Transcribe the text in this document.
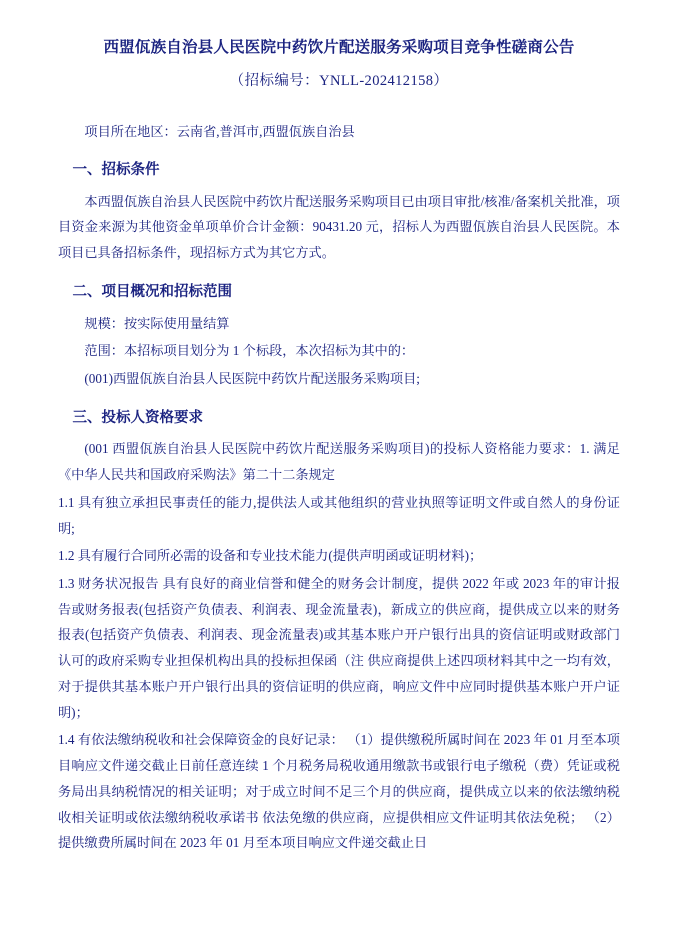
西盟佤族自治县人民医院中药饮片配送服务采购项目竞争性磋商公告
（招标编号：YNLL-202412158）
项目所在地区：云南省,普洱市,西盟佤族自治县
一、招标条件

本西盟佤族自治县人民医院中药饮片配送服务采购项目已由项目审批/核准/备案机关批准，项目资金来源为其他资金单项单价合计金额：90431.20 元，招标人为西盟佤族自治县人民医院。本项目已具备招标条件，现招标方式为其它方式。

二、项目概况和招标范围

规模：按实际使用量结算

范围：本招标项目划分为 1 个标段，本次招标为其中的：

(001)西盟佤族自治县人民医院中药饮片配送服务采购项目;

三、投标人资格要求

(001 西盟佤族自治县人民医院中药饮片配送服务采购项目)的投标人资格能力要求：1. 满足《中华人民共和国政府采购法》第二十二条规定

1.1 具有独立承担民事责任的能力,提供法人或其他组织的营业执照等证明文件或自然人的身份证明;

1.2 具有履行合同所必需的设备和专业技术能力(提供声明函或证明材料)；

1.3 财务状况报告 具有良好的商业信誉和健全的财务会计制度，提供 2022 年或 2023 年的审计报告或财务报表(包括资产负债表、利润表、现金流量表)，新成立的供应商，提供成立以来的财务报表(包括资产负债表、利润表、现金流量表)或其基本账户开户银行出具的资信证明或财政部门认可的政府采购专业担保机构出具的投标担保函（注 供应商提供上述四项材料其中之一均有效，对于提供其基本账户开户银行出具的资信证明的供应商，响应文件中应同时提供基本账户开户证明)；

1.4 有依法缴纳税收和社会保障资金的良好记录： （1）提供缴税所属时间在 2023 年 01 月至本项目响应文件递交截止日前任意连续 1 个月税务局税收通用缴款书或银行电子缴税（费）凭证或税务局出具纳税情况的相关证明；对于成立时间不足三个月的供应商，提供成立以来的依法缴纳税收相关证明或依法缴纳税收承诺书 依法免缴的供应商，应提供相应文件证明其依法免税； （2）提供缴费所属时间在 2023 年 01 月至本项目响应文件递交截止日
